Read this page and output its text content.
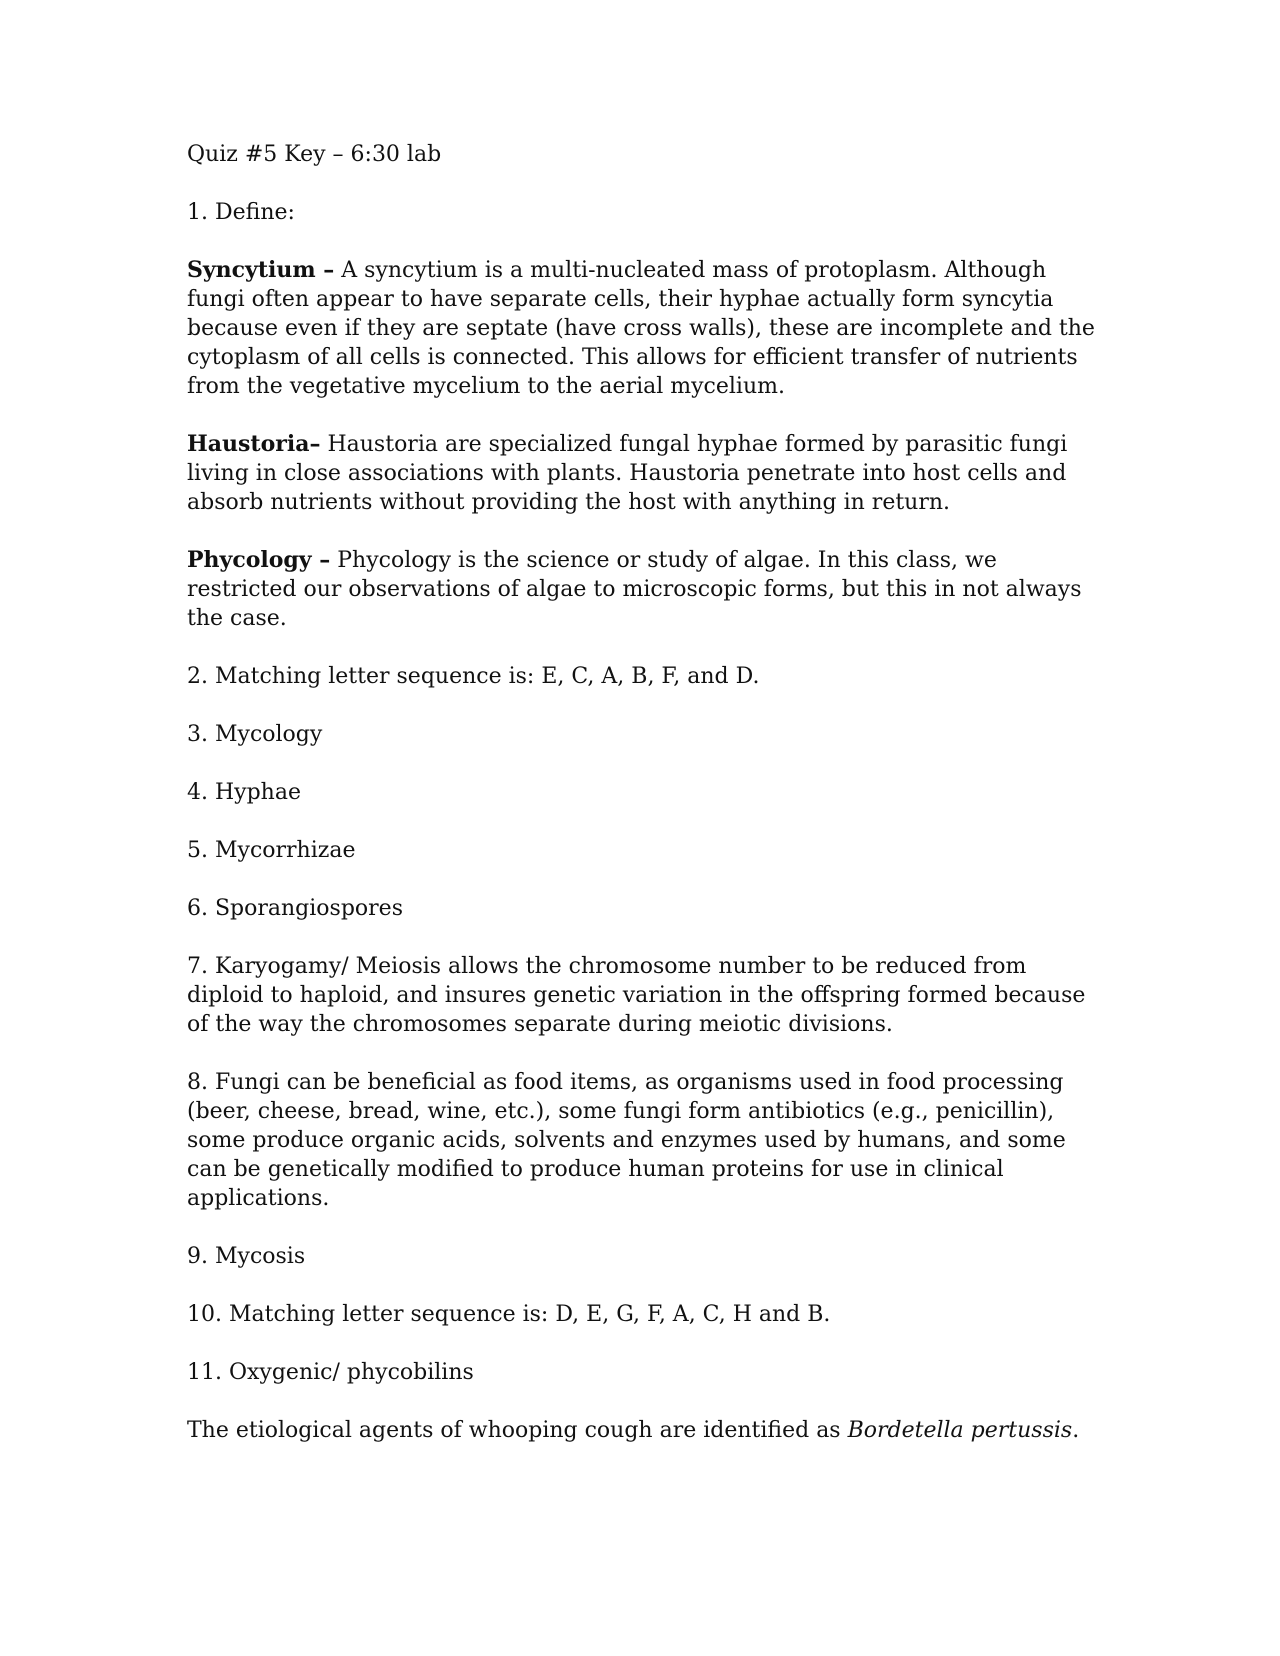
Quiz #5 Key – 6:30 lab

1. Define:

Syncytium – A syncytium is a multi-nucleated mass of protoplasm. Although fungi often appear to have separate cells, their hyphae actually form syncytia because even if they are septate (have cross walls), these are incomplete and the cytoplasm of all cells is connected. This allows for efficient transfer of nutrients from the vegetative mycelium to the aerial mycelium.

Haustoria– Haustoria are specialized fungal hyphae formed by parasitic fungi living in close associations with plants. Haustoria penetrate into host cells and absorb nutrients without providing the host with anything in return.

Phycology – Phycology is the science or study of algae. In this class, we restricted our observations of algae to microscopic forms, but this in not always the case.

2. Matching letter sequence is: E, C, A, B, F, and D.

3. Mycology

4. Hyphae

5. Mycorrhizae

6. Sporangiospores

7. Karyogamy/ Meiosis allows the chromosome number to be reduced from diploid to haploid, and insures genetic variation in the offspring formed because of the way the chromosomes separate during meiotic divisions.

8. Fungi can be beneficial as food items, as organisms used in food processing (beer, cheese, bread, wine, etc.), some fungi form antibiotics (e.g., penicillin), some produce organic acids, solvents and enzymes used by humans, and some can be genetically modified to produce human proteins for use in clinical applications.

9. Mycosis

10. Matching letter sequence is: D, E, G, F, A, C, H and B.

11. Oxygenic/ phycobilins

The etiological agents of whooping cough are identified as Bordetella pertussis.
